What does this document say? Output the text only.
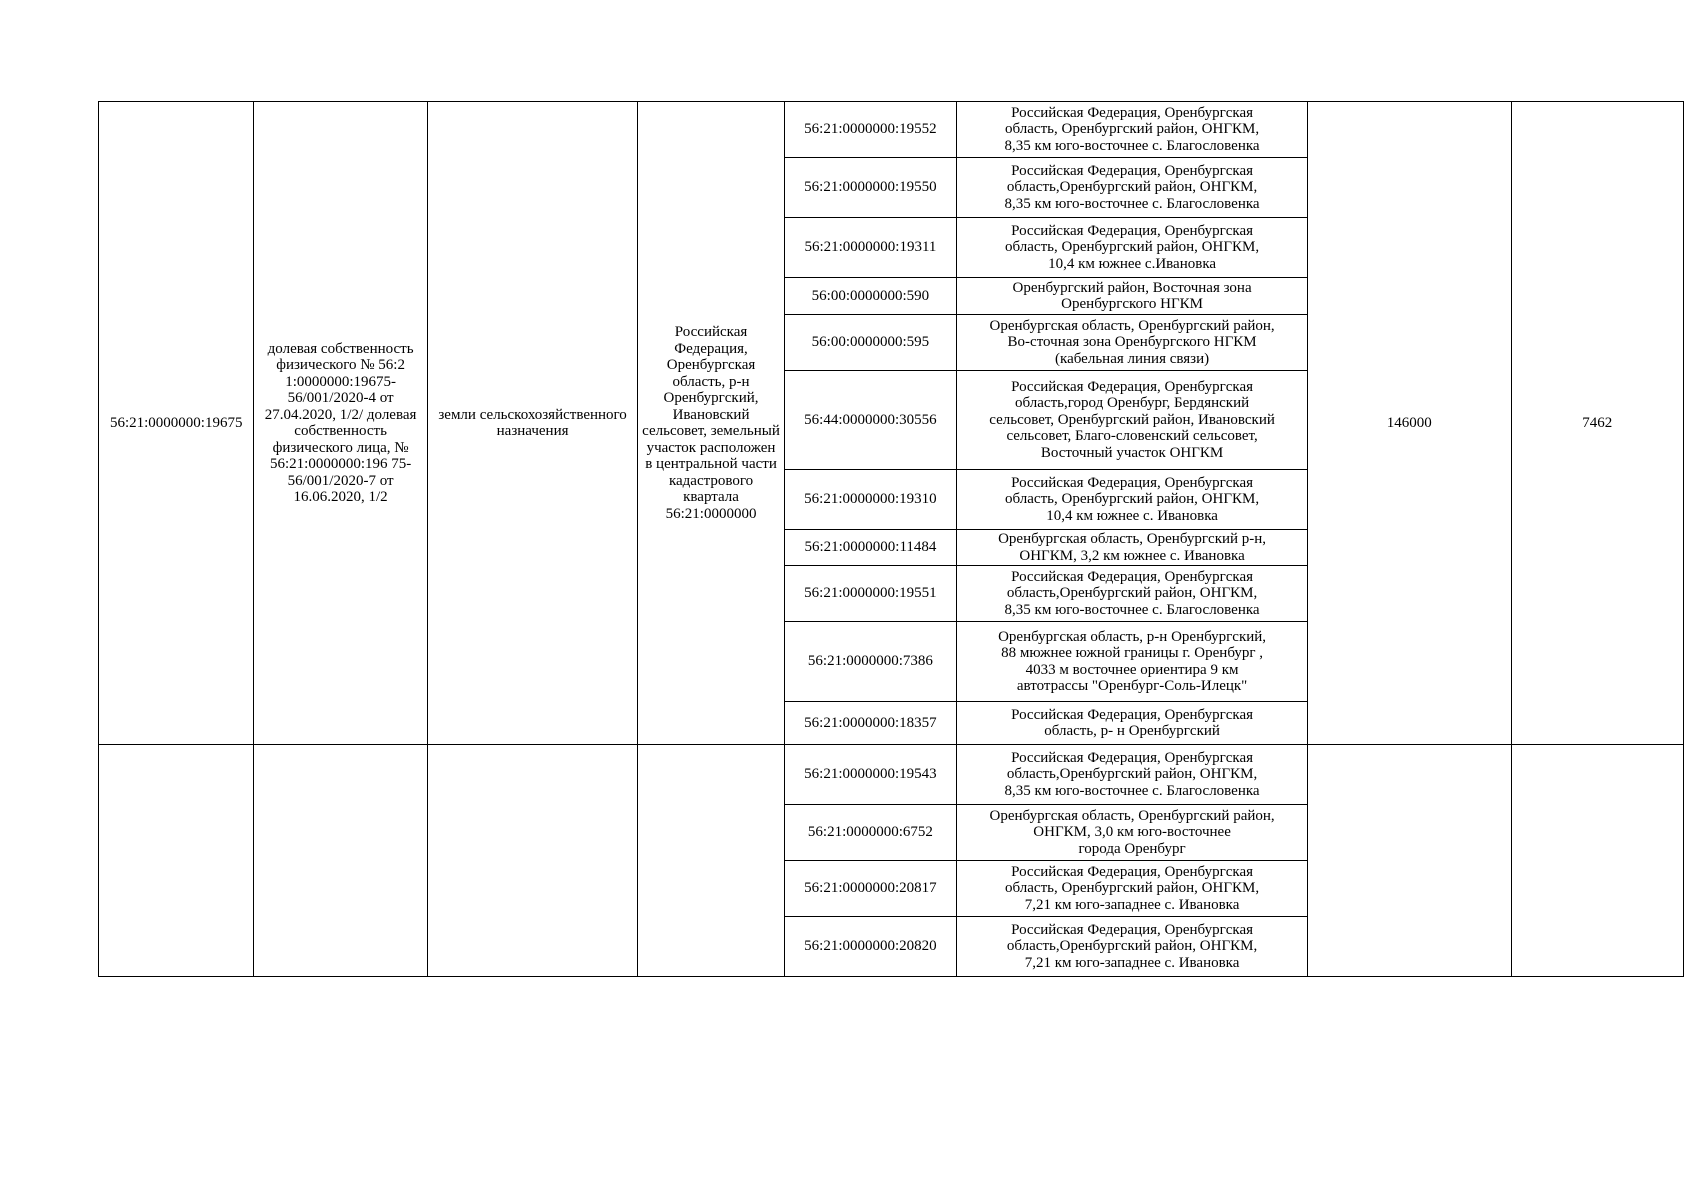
56:21:0000000:19675	долевая собственность физического № 56:2 1:0000000:19675-56/001/2020-4 от 27.04.2020, 1/2/ долевая собственность физического лица, № 56:21:0000000:196 75-56/001/2020-7 от 16.06.2020, 1/2	земли сельскохозяйственного назначения	Российская Федерация, Оренбургская область, р-н Оренбургский, Ивановский сельсовет, земельный участок расположен в центральной части кадастрового квартала 56:21:0000000	56:21:0000000:19552	Российская Федерация, Оренбургская
область, Оренбургский район, ОНГКМ,
8,35 км юго-восточнее с. Благословенка	146000	7462
				56:21:0000000:19550	Российская Федерация, Оренбургская
область,Оренбургский район, ОНГКМ,
8,35 км юго-восточнее с. Благословенка		

				56:21:0000000:19311	Российская Федерация, Оренбургская
область, Оренбургский район, ОНГКМ,
10,4 км южнее с.Ивановка		

				56:00:0000000:590	Оренбургский район, Восточная зона
Оренбургского НГКМ		

				56:00:0000000:595	Оренбургская область, Оренбургский район,
Во-сточная зона Оренбургского НГКМ
(кабельная линия связи)		

				56:44:0000000:30556	Российская Федерация, Оренбургская
область,город Оренбург, Бердянский
сельсовет, Оренбургский район, Ивановский
сельсовет, Благо-словенский сельсовет,
Восточный участок ОНГКМ		

				56:21:0000000:19310	Российская Федерация, Оренбургская
область, Оренбургский район, ОНГКМ,
10,4 км южнее с. Ивановка		

				56:21:0000000:11484	Оренбургская область, Оренбургский р-н,
ОНГКМ, 3,2 км южнее с. Ивановка		

				56:21:0000000:19551	Российская Федерация, Оренбургская
область,Оренбургский район, ОНГКМ,
8,35 км юго-восточнее с. Благословенка		

				56:21:0000000:7386	Оренбургская область, р-н Оренбургский,
88 мюжнее южной границы г. Оренбург ,
4033 м восточнее ориентира 9 км
автотрассы "Оренбург-Соль-Илецк"		

				56:21:0000000:18357	Российская Федерация, Оренбургская
область, р- н Оренбургский		

				56:21:0000000:19543	Российская Федерация, Оренбургская
область,Оренбургский район, ОНГКМ,
8,35 км юго-восточнее с. Благословенка		

				56:21:0000000:6752	Оренбургская область, Оренбургский район,
ОНГКМ, 3,0 км юго-восточнее
города Оренбург		

				56:21:0000000:20817	Российская Федерация, Оренбургская
область, Оренбургский район, ОНГКМ,
7,21 км юго-западнее с. Ивановка		

				56:21:0000000:20820	Российская Федерация, Оренбургская
область,Оренбургский район, ОНГКМ,
7,21 км юго-западнее с. Ивановка		
